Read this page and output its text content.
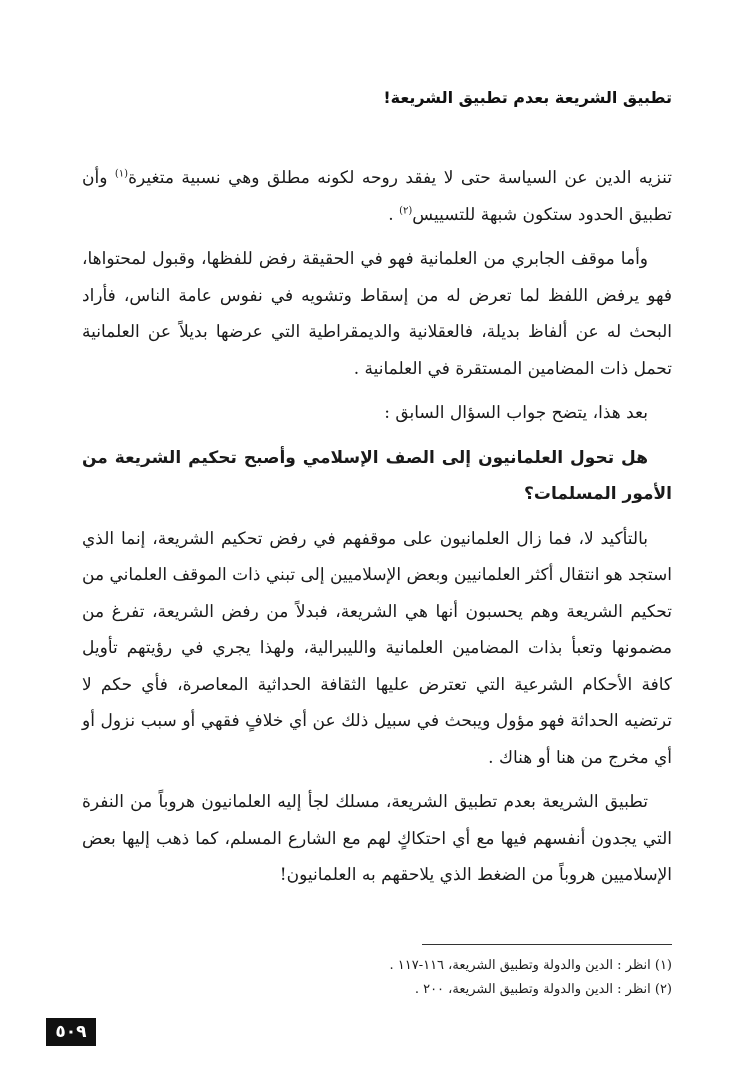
تطبيق الشريعة بعدم تطبيق الشريعة!

تنزيه الدين عن السياسة حتى لا يفقد روحه لكونه مطلق وهي نسبية متغيرة$^{(١)}$ وأن تطبيق الحدود ستكون شبهة للتسييس$^{(٢)}$ .

وأما موقف الجابري من العلمانية فهو في الحقيقة رفض للفظها، وقبول لمحتواها، فهو يرفض اللفظ لما تعرض له من إسقاط وتشويه في نفوس عامة الناس، فأراد البحث له عن ألفاظ بديلة، فالعقلانية والديمقراطية التي عرضها بديلاً عن العلمانية تحمل ذات المضامين المستقرة في العلمانية .

بعد هذا، يتضح جواب السؤال السابق :

هل تحول العلمانيون إلى الصف الإسلامي وأصبح تحكيم الشريعة من الأمور المسلمات؟

بالتأكيد لا، فما زال العلمانيون على موقفهم في رفض تحكيم الشريعة، إنما الذي استجد هو انتقال أكثر العلمانيين وبعض الإسلاميين إلى تبني ذات الموقف العلماني من تحكيم الشريعة وهم يحسبون أنها هي الشريعة، فبدلاً من رفض الشريعة، تفرغ من مضمونها وتعبأ بذات المضامين العلمانية والليبرالية، ولهذا يجري في رؤيتهم تأويل كافة الأحكام الشرعية التي تعترض عليها الثقافة الحداثية المعاصرة، فأي حكم لا ترتضيه الحداثة فهو مؤول ويبحث في سبيل ذلك عن أي خلافٍ فقهي أو سبب نزول أو أي مخرج من هنا أو هناك .

تطبيق الشريعة بعدم تطبيق الشريعة، مسلك لجأ إليه العلمانيون هروباً من النفرة التي يجدون أنفسهم فيها مع أي احتكاكٍ لهم مع الشارع المسلم، كما ذهب إليها بعض الإسلاميين هروباً من الضغط الذي يلاحقهم به العلمانيون!

(١) انظر : الدين والدولة وتطبيق الشريعة، ١١٦-١١٧ .
(٢) انظر : الدين والدولة وتطبيق الشريعة، ٢٠٠ .
٥٠٩
